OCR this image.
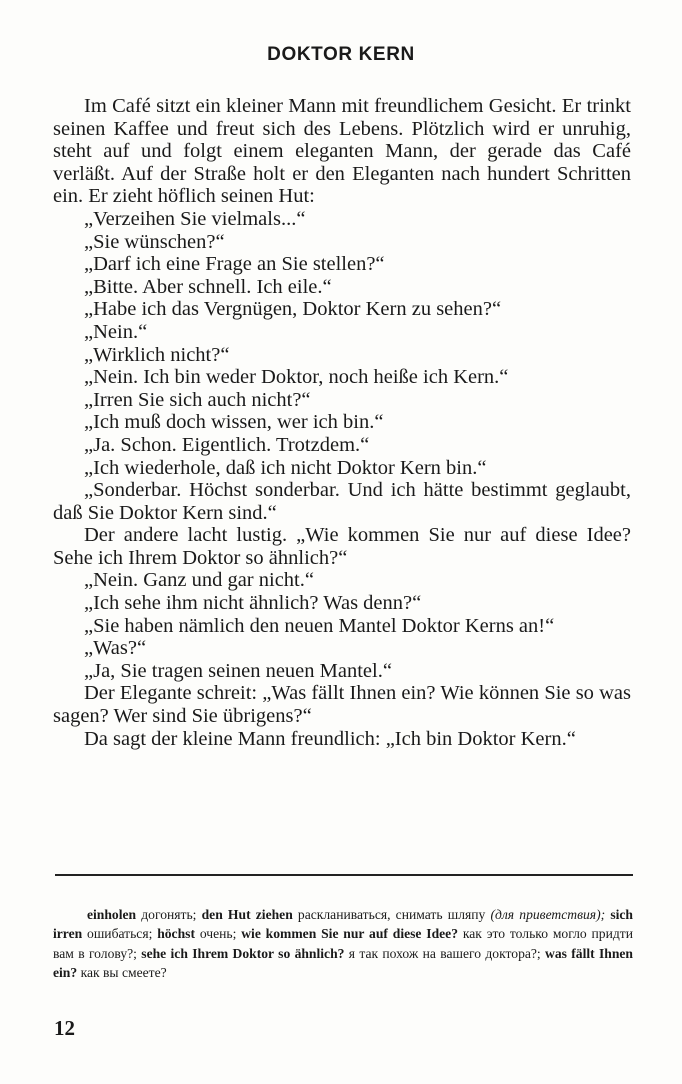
DOKTOR KERN

Im Café sitzt ein kleiner Mann mit freundlichem Gesicht. Er trinkt seinen Kaffee und freut sich des Lebens. Plötzlich wird er unruhig, steht auf und folgt einem eleganten Mann, der gerade das Café verläßt. Auf der Straße holt er den Eleganten nach hundert Schritten ein. Er zieht höflich seinen Hut:

„Verzeihen Sie vielmals...“

„Sie wünschen?“

„Darf ich eine Frage an Sie stellen?“

„Bitte. Aber schnell. Ich eile.“

„Habe ich das Vergnügen, Doktor Kern zu sehen?“

„Nein.“

„Wirklich nicht?“

„Nein. Ich bin weder Doktor, noch heiße ich Kern.“

„Irren Sie sich auch nicht?“

„Ich muß doch wissen, wer ich bin.“

„Ja. Schon. Eigentlich. Trotzdem.“

„Ich wiederhole, daß ich nicht Doktor Kern bin.“

„Sonderbar. Höchst sonderbar. Und ich hätte bestimmt geglaubt, daß Sie Doktor Kern sind.“

Der andere lacht lustig. „Wie kommen Sie nur auf diese Idee? Sehe ich Ihrem Doktor so ähnlich?“

„Nein. Ganz und gar nicht.“

„Ich sehe ihm nicht ähnlich? Was denn?“

„Sie haben nämlich den neuen Mantel Doktor Kerns an!“

„Was?“

„Ja, Sie tragen seinen neuen Mantel.“

Der Elegante schreit: „Was fällt Ihnen ein? Wie können Sie so was sagen? Wer sind Sie übrigens?“

Da sagt der kleine Mann freundlich: „Ich bin Doktor Kern.“

einholen догонять; den Hut ziehen раскланиваться, снимать шляпу (для приветствия); sich irren ошибаться; höchst очень; wie kommen Sie nur auf diese Idee? как это только могло придти вам в голову?; sehe ich Ihrem Doktor so ähnlich? я так похож на вашего доктора?; was fällt Ihnen ein? как вы смеете?

12
